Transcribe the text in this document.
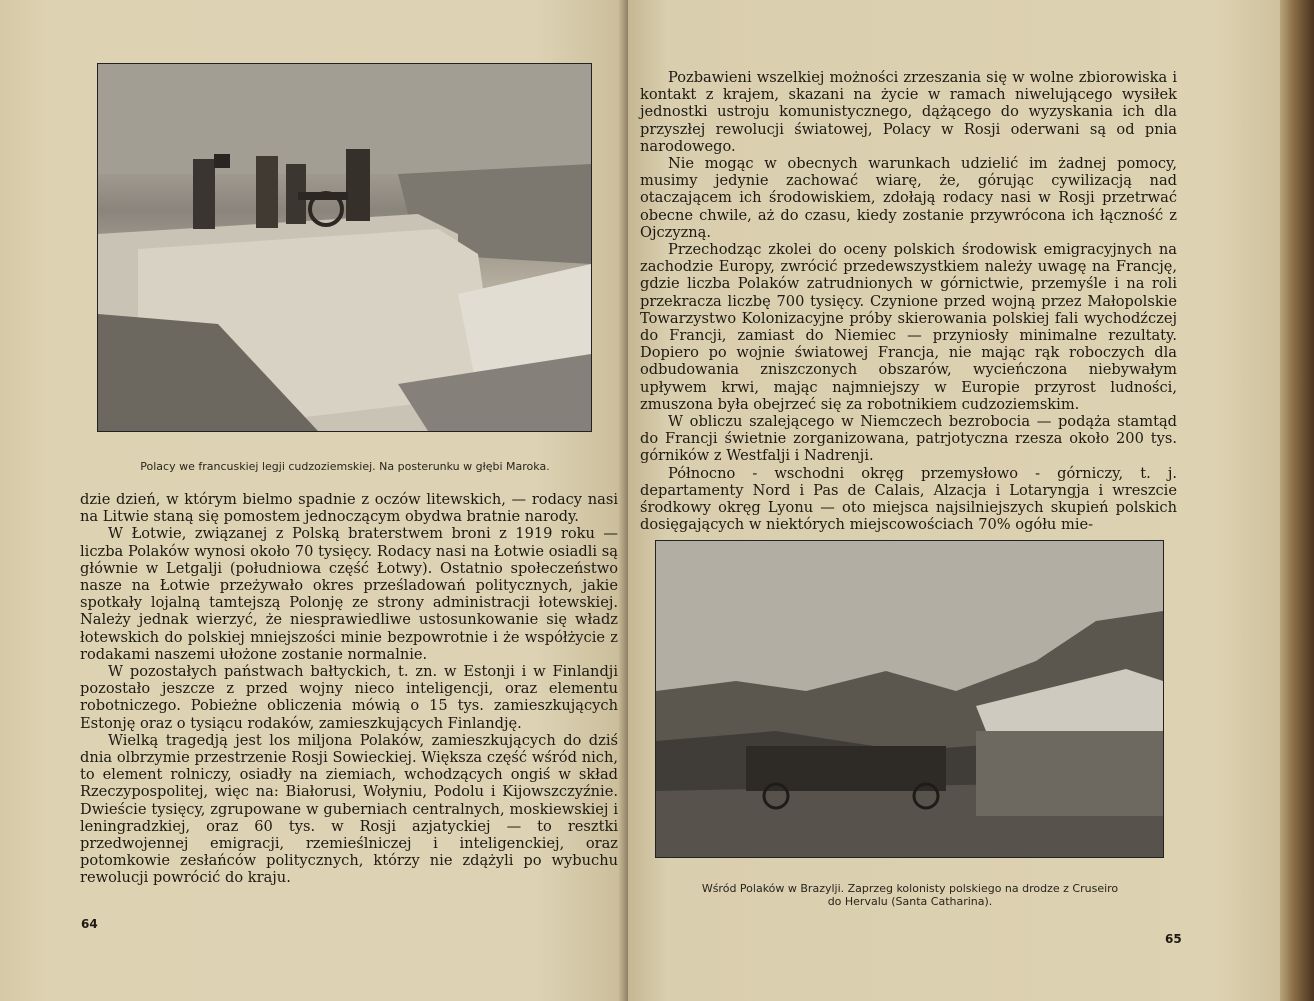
Polacy we francuskiej legji cudzoziemskiej. Na posterunku w głębi Maroka.

dzie dzień, w którym bielmo spadnie z oczów litewskich, — rodacy nasi na Litwie staną się pomostem jednoczącym obydwa bratnie narody.

W Łotwie, związanej z Polską braterstwem broni z 1919 roku — liczba Polaków wynosi około 70 tysięcy. Rodacy nasi na Łotwie osiadli są głównie w Letgalji (południowa część Łotwy). Ostatnio społeczeństwo nasze na Łotwie przeżywało okres prześladowań politycznych, jakie spotkały lojalną tamtejszą Polonję ze strony administracji łotewskiej. Należy jednak wierzyć, że niesprawiedliwe ustosunkowanie się władz łotewskich do polskiej mniejszości minie bezpowrotnie i że współżycie z rodakami naszemi ułożone zostanie normalnie.

W pozostałych państwach bałtyckich, t. zn. w Estonji i w Finlandji pozostało jeszcze z przed wojny nieco inteligencji, oraz elementu robotniczego. Pobieżne obliczenia mówią o 15 tys. zamieszkujących Estonję oraz o tysiącu rodaków, zamieszkujących Finlandję.

Wielką tragedją jest los miljona Polaków, zamieszkujących do dziś dnia olbrzymie przestrzenie Rosji Sowieckiej. Większa część wśród nich, to element rolniczy, osiadły na ziemiach, wchodzących ongiś w skład Rzeczypospolitej, więc na: Białorusi, Wołyniu, Podolu i Kijowszczyźnie. Dwieście tysięcy, zgrupowane w guberniach centralnych, moskiewskiej i leningradzkiej, oraz 60 tys. w Rosji azjatyckiej — to resztki przedwojennej emigracji, rzemieślniczej i inteligenckiej, oraz potomkowie zesłańców politycznych, którzy nie zdążyli po wybuchu rewolucji powrócić do kraju.

64

Pozbawieni wszelkiej możności zrzeszania się w wolne zbiorowiska i kontakt z krajem, skazani na życie w ramach niwelującego wysiłek jednostki ustroju komunistycznego, dążącego do wyzyskania ich dla przyszłej rewolucji światowej, Polacy w Rosji oderwani są od pnia narodowego.

Nie mogąc w obecnych warunkach udzielić im żadnej pomocy, musimy jedynie zachować wiarę, że, górując cywilizacją nad otaczającem ich środowiskiem, zdołają rodacy nasi w Rosji przetrwać obecne chwile, aż do czasu, kiedy zostanie przywrócona ich łączność z Ojczyzną.

Przechodząc zkolei do oceny polskich środowisk emigracyjnych na zachodzie Europy, zwrócić przedewszystkiem należy uwagę na Francję, gdzie liczba Polaków zatrudnionych w górnictwie, przemyśle i na roli przekracza liczbę 700 tysięcy. Czynione przed wojną przez Małopolskie Towarzystwo Kolonizacyjne próby skierowania polskiej fali wychodźczej do Francji, zamiast do Niemiec — przyniosły minimalne rezultaty. Dopiero po wojnie światowej Francja, nie mając rąk roboczych dla odbudowania zniszczonych obszarów, wycieńczona niebywałym upływem krwi, mając najmniejszy w Europie przyrost ludności, zmuszona była obejrzeć się za robotnikiem cudzoziemskim.

W obliczu szalejącego w Niemczech bezrobocia — podąża stamtąd do Francji świetnie zorganizowana, patrjotyczna rzesza około 200 tys. górników z Westfalji i Nadrenji.

Północno - wschodni okręg przemysłowo - górniczy, t. j. departamenty Nord i Pas de Calais, Alzacja i Lotaryngja i wreszcie środkowy okręg Lyonu — oto miejsca najsilniejszych skupień polskich dosięgających w niektórych miejscowościach 70% ogółu mie-

Wśród Polaków w Brazylji. Zaprzeg kolonisty polskiego na drodze z Cruseiro
do Hervalu (Santa Catharina).
65
